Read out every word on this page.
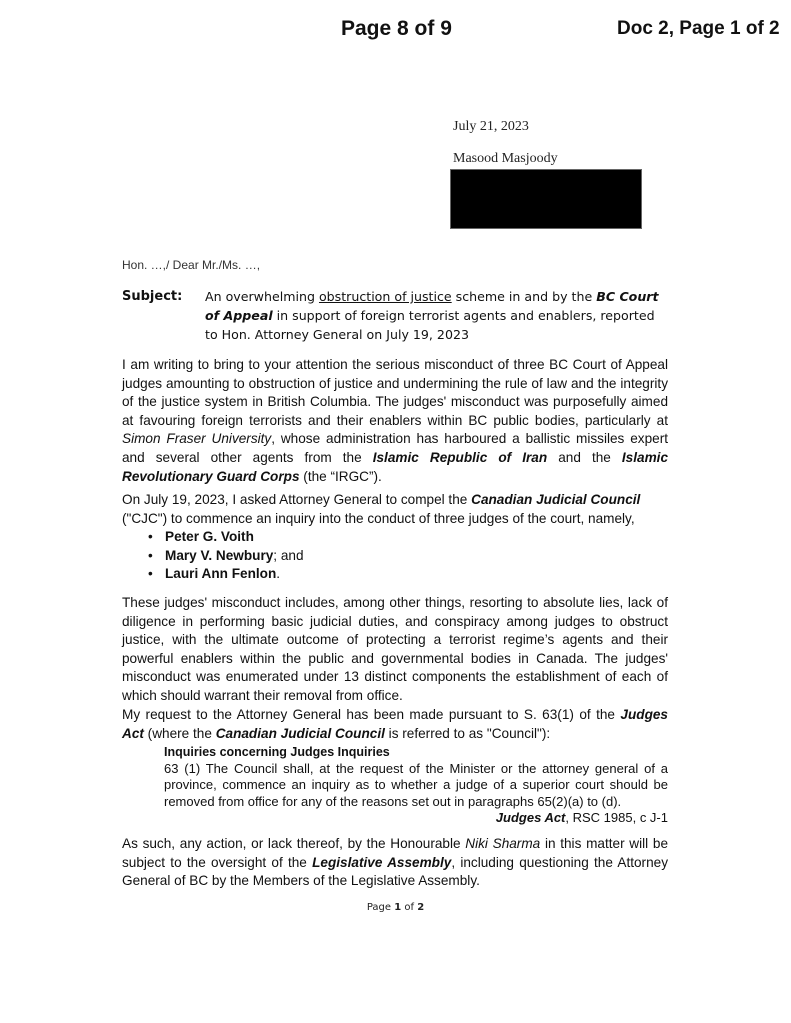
Page 8 of 9	Doc 2, Page 1 of 2
July 21, 2023
Masood Masjoody
Hon. …,/ Dear Mr./Ms. …,
Subject: An overwhelming obstruction of justice scheme in and by the BC Court of Appeal in support of foreign terrorist agents and enablers, reported to Hon. Attorney General on July 19, 2023
I am writing to bring to your attention the serious misconduct of three BC Court of Appeal judges amounting to obstruction of justice and undermining the rule of law and the integrity of the justice system in British Columbia. The judges' misconduct was purposefully aimed at favouring foreign terrorists and their enablers within BC public bodies, particularly at Simon Fraser University, whose administration has harboured a ballistic missiles expert and several other agents from the Islamic Republic of Iran and the Islamic Revolutionary Guard Corps (the “IRGC”).
On July 19, 2023, I asked Attorney General to compel the Canadian Judicial Council ("CJC") to commence an inquiry into the conduct of three judges of the court, namely,
• Peter G. Voith
• Mary V. Newbury; and
• Lauri Ann Fenlon.
These judges' misconduct includes, among other things, resorting to absolute lies, lack of diligence in performing basic judicial duties, and conspiracy among judges to obstruct justice, with the ultimate outcome of protecting a terrorist regime’s agents and their powerful enablers within the public and governmental bodies in Canada. The judges' misconduct was enumerated under 13 distinct components the establishment of each of which should warrant their removal from office.
My request to the Attorney General has been made pursuant to S. 63(1) of the Judges Act (where the Canadian Judicial Council is referred to as "Council"):
Inquiries concerning Judges Inquiries
63 (1) The Council shall, at the request of the Minister or the attorney general of a province, commence an inquiry as to whether a judge of a superior court should be removed from office for any of the reasons set out in paragraphs 65(2)(a) to (d).
Judges Act, RSC 1985, c J-1
As such, any action, or lack thereof, by the Honourable Niki Sharma in this matter will be subject to the oversight of the Legislative Assembly, including questioning the Attorney General of BC by the Members of the Legislative Assembly.
Page 1 of 2
